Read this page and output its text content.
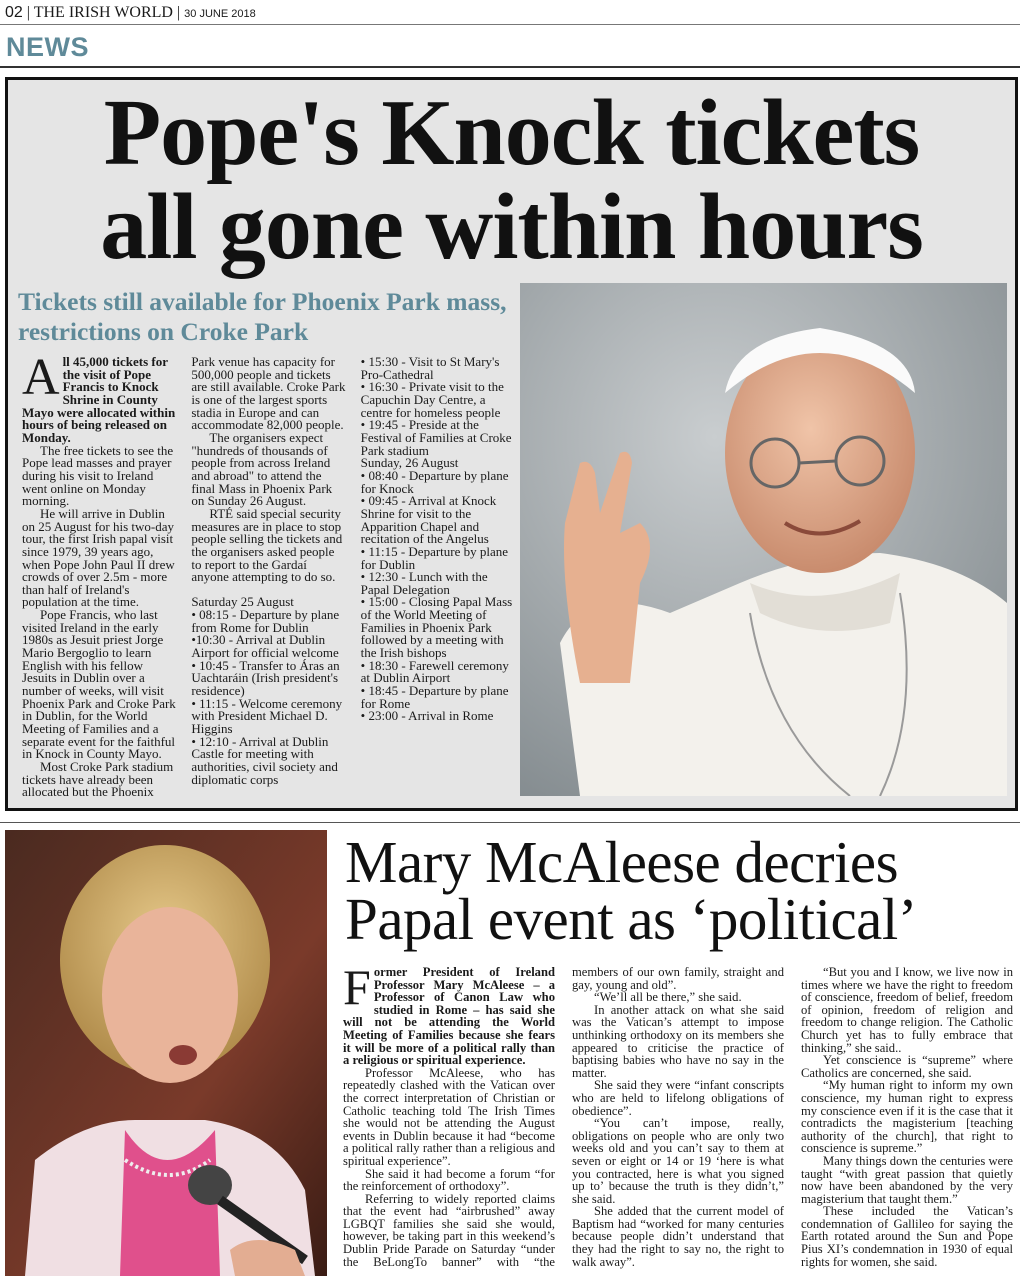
02 | THE IRISH WORLD | 30 JUNE 2018
NEWS
Pope's Knock tickets
all gone within hours
Tickets still available for Phoenix Park mass, restrictions on Croke Park

All 45,000 tickets for the visit of Pope Francis to Knock Shrine in County Mayo were allocated within hours of being released on Monday.

The free tickets to see the Pope lead masses and prayer during his visit to Ireland went online on Monday morning.

He will arrive in Dublin on 25 August for his two-day tour, the first Irish papal visit since 1979, 39 years ago, when Pope John Paul II drew crowds of over 2.5m - more than half of Ireland's population at the time.

Pope Francis, who last visited Ireland in the early 1980s as Jesuit priest Jorge Mario Bergoglio to learn English with his fellow Jesuits in Dublin over a number of weeks, will visit Phoenix Park and Croke Park in Dublin, for the World Meeting of Families and a separate event for the faithful in Knock in County Mayo.

Most Croke Park stadium tickets have already been allocated but the Phoenix Park venue has capacity for 500,000 people and tickets are still available. Croke Park is one of the largest sports stadia in Europe and can accommodate 82,000 people.

The organisers expect "hundreds of thousands of people from across Ireland and abroad" to attend the final Mass in Phoenix Park on Sunday 26 August.

RTÉ said special security measures are in place to stop people selling the tickets and the organisers asked people to report to the Gardaí anyone attempting to do so.

Saturday 25 August
• 08:15 - Departure by plane from Rome for Dublin
•10:30 - Arrival at Dublin Airport for official welcome
• 10:45 - Transfer to Áras an Uachtaráin (Irish president's residence)
• 11:15 - Welcome ceremony with President Michael D. Higgins
• 12:10 - Arrival at Dublin Castle for meeting with authorities, civil society and diplomatic corps
• 15:30 - Visit to St Mary's Pro-Cathedral
• 16:30 - Private visit to the Capuchin Day Centre, a centre for homeless people
• 19:45 - Preside at the Festival of Families at Croke Park stadium
Sunday, 26 August
• 08:40 - Departure by plane for Knock
• 09:45 - Arrival at Knock Shrine for visit to the Apparition Chapel and recitation of the Angelus
• 11:15 - Departure by plane for Dublin
• 12:30 - Lunch with the Papal Delegation
• 15:00 - Closing Papal Mass of the World Meeting of Families in Phoenix Park followed by a meeting with the Irish bishops
• 18:30 - Farewell ceremony at Dublin Airport
• 18:45 - Departure by plane for Rome
• 23:00 - Arrival in Rome
Mary McAleese decries
Papal event as ‘political’

Former President of Ireland Professor Mary McAleese – a Professor of Canon Law who studied in Rome – has said she will not be attending the World Meeting of Families because she fears it will be more of a political rally than a religious or spiritual experience.

Professor McAleese, who has repeatedly clashed with the Vatican over the correct interpretation of Christian or Catholic teaching told The Irish Times she would not be attending the August events in Dublin because it had “become a political rally rather than a religious and spiritual experience”.

She said it had become a forum “for the reinforcement of orthodoxy”.

Referring to widely reported claims that the event had “airbrushed” away LGBQT families she said she would, however, be taking part in this weekend’s Dublin Pride Parade on Saturday “under the BeLongTo banner” with “the members of our own family, straight and gay, young and old”.

“We’ll all be there,” she said.

In another attack on what she said was the Vatican’s attempt to impose unthinking orthodoxy on its members she appeared to criticise the practice of baptising babies who have no say in the matter.

She said they were “infant conscripts who are held to lifelong obligations of obedience”.

“You can’t impose, really, obligations on people who are only two weeks old and you can’t say to them at seven or eight or 14 or 19 ‘here is what you contracted, here is what you signed up to’ because the truth is they didn’t,” she said.

She added that the current model of Baptism had “worked for many centuries because people didn’t understand that they had the right to say no, the right to walk away”.

“But you and I know, we live now in times where we have the right to freedom of conscience, freedom of belief, freedom of opinion, freedom of religion and freedom to change religion. The Catholic Church yet has to fully embrace that thinking,” she said..

Yet conscience is “supreme” where Catholics are concerned, she said.

“My human right to inform my own conscience, my human right to express my conscience even if it is the case that it contradicts the magisterium [teaching authority of the church], that right to conscience is supreme.”

Many things down the centuries were taught “with great passion that quietly now have been abandoned by the very magisterium that taught them.”

These included the Vatican’s condemnation of Gallileo for saying the Earth rotated around the Sun and Pope Pius XI’s condemnation in 1930 of equal rights for women, she said.
